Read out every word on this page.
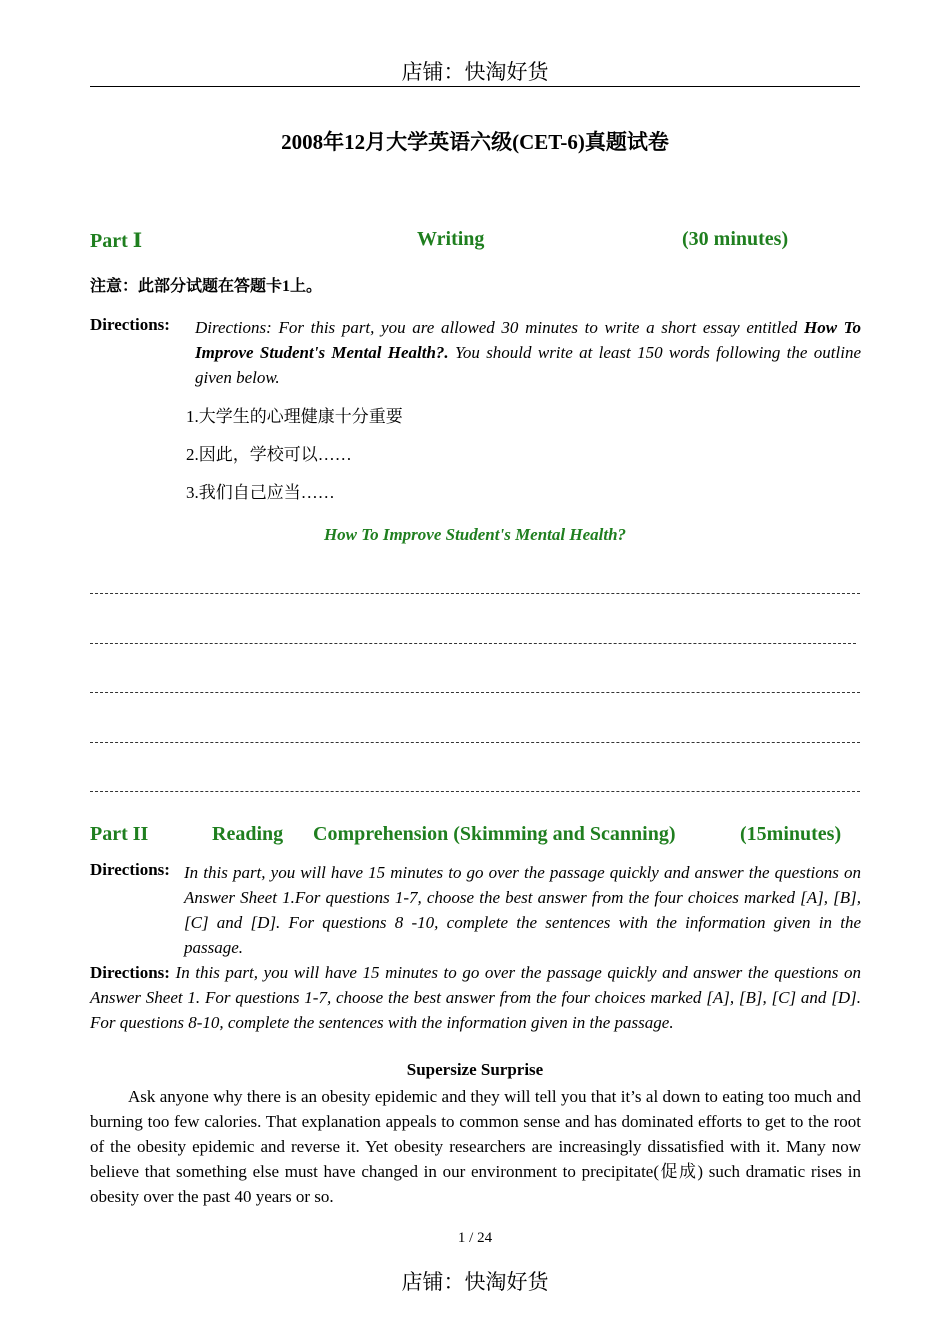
店铺：快淘好货
2008年12月大学英语六级(CET-6)真题试卷
Part Ⅰ	Writing	(30 minutes)
注意：此部分试题在答题卡1上。
Directions: Directions: For this part, you are allowed 30 minutes to write a short essay entitled How To Improve Student's Mental Health?. You should write at least 150 words following the outline given below.
1.大学生的心理健康十分重要
2.因此，学校可以……
3.我们自己应当……
How To Improve Student's Mental Health?
Part II	Reading Comprehension (Skimming and Scanning)	(15minutes)
Directions: In this part, you will have 15 minutes to go over the passage quickly and answer the questions on Answer Sheet 1.For questions 1-7, choose the best answer from the four choices marked [A], [B], [C] and [D]. For questions 8 -10, complete the sentences with the information given in the passage.
Directions: In this part, you will have 15 minutes to go over the passage quickly and answer the questions on Answer Sheet 1. For questions 1-7, choose the best answer from the four choices marked [A], [B], [C] and [D]. For questions 8-10, complete the sentences with the information given in the passage.
Supersize Surprise
Ask anyone why there is an obesity epidemic and they will tell you that it’s al down to eating too much and burning too few calories. That explanation appeals to common sense and has dominated efforts to get to the root of the obesity epidemic and reverse it. Yet obesity researchers are increasingly dissatisfied with it. Many now believe that something else must have changed in our environment to precipitate(促成) such dramatic rises in obesity over the past 40 years or so.
1 / 24
店铺：快淘好货
